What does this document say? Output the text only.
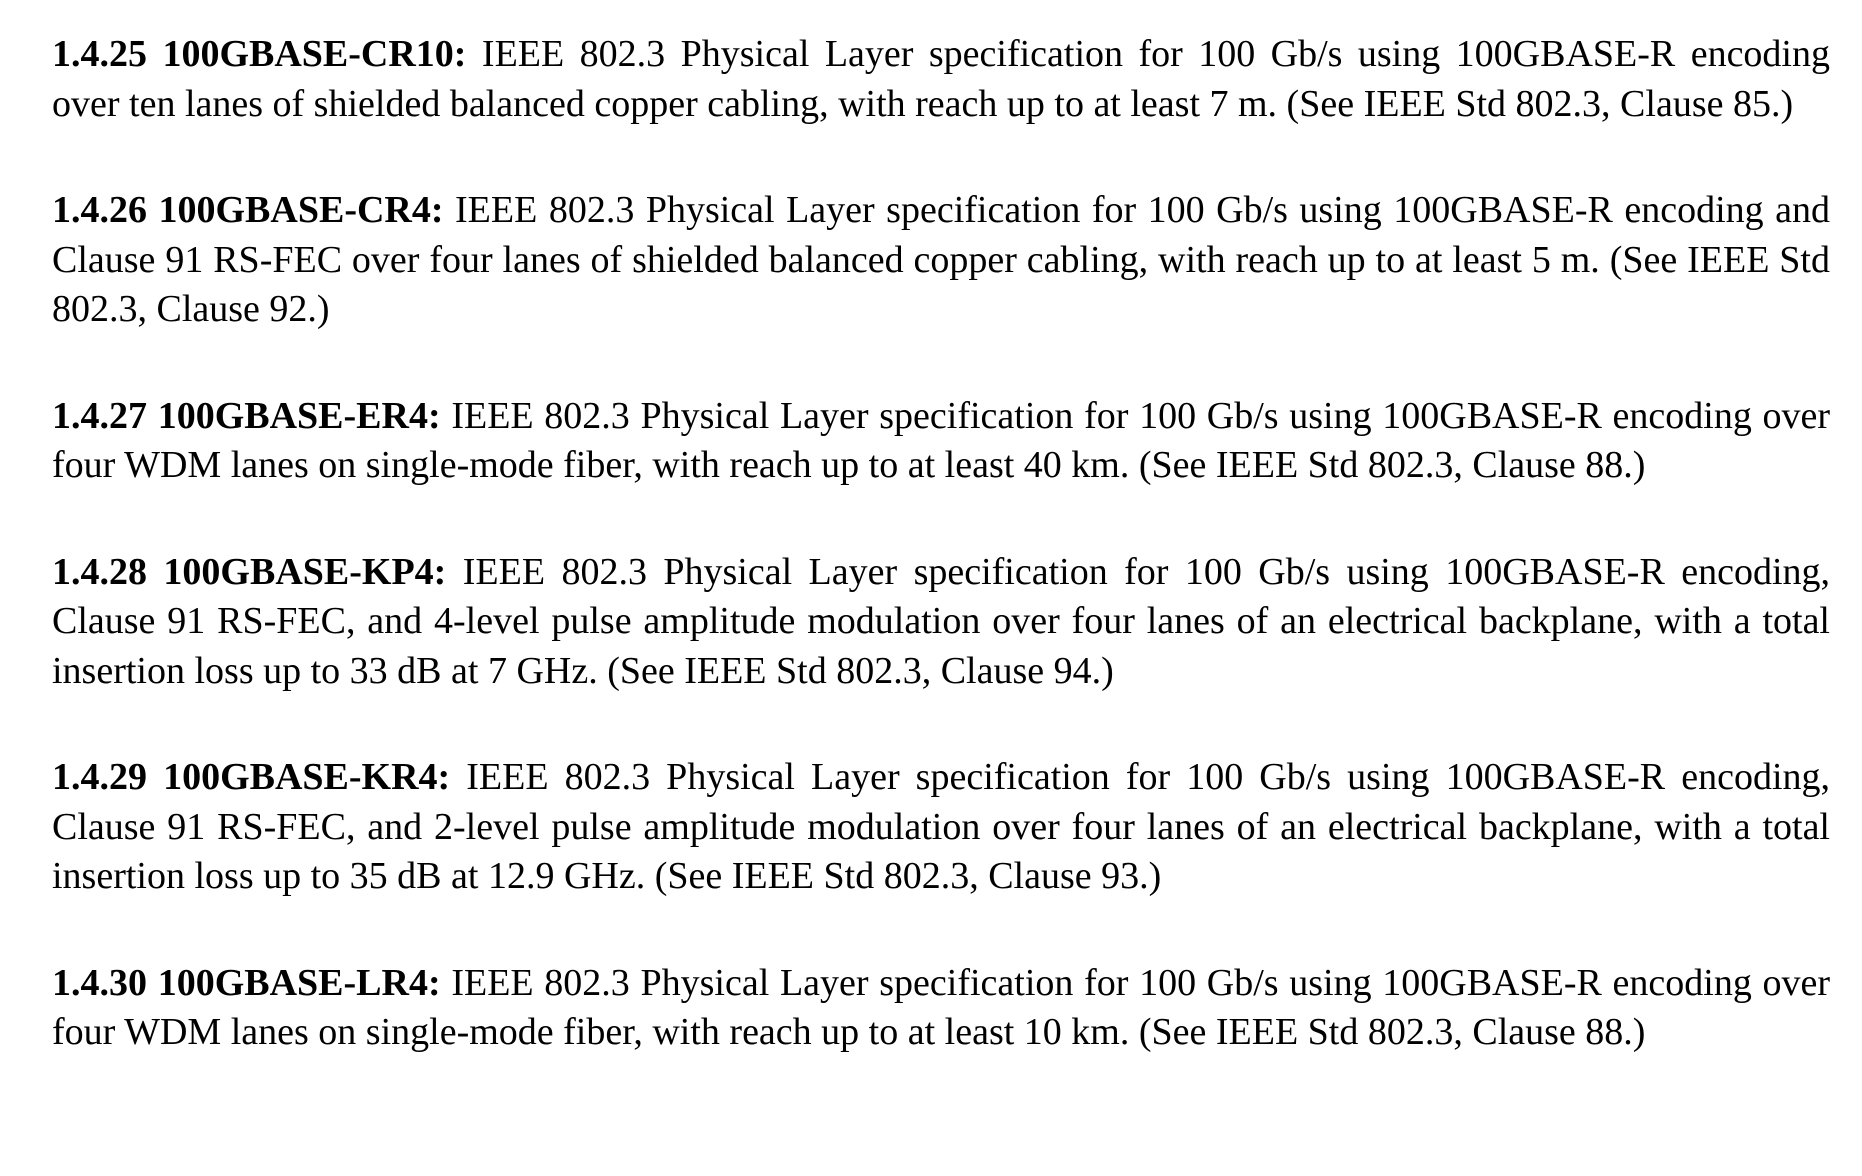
1.4.25 100GBASE-CR10: IEEE 802.3 Physical Layer specification for 100 Gb/s using 100GBASE-R encoding over ten lanes of shielded balanced copper cabling, with reach up to at least 7 m. (See IEEE Std 802.3, Clause 85.)

1.4.26 100GBASE-CR4: IEEE 802.3 Physical Layer specification for 100 Gb/s using 100GBASE-R encoding and Clause 91 RS-FEC over four lanes of shielded balanced copper cabling, with reach up to at least 5 m. (See IEEE Std 802.3, Clause 92.)

1.4.27 100GBASE-ER4: IEEE 802.3 Physical Layer specification for 100 Gb/s using 100GBASE-R encoding over four WDM lanes on single-mode fiber, with reach up to at least 40 km. (See IEEE Std 802.3, Clause 88.)

1.4.28 100GBASE-KP4: IEEE 802.3 Physical Layer specification for 100 Gb/s using 100GBASE-R encoding, Clause 91 RS-FEC, and 4-level pulse amplitude modulation over four lanes of an electrical backplane, with a total insertion loss up to 33 dB at 7 GHz. (See IEEE Std 802.3, Clause 94.)

1.4.29 100GBASE-KR4: IEEE 802.3 Physical Layer specification for 100 Gb/s using 100GBASE-R encoding, Clause 91 RS-FEC, and 2-level pulse amplitude modulation over four lanes of an electrical backplane, with a total insertion loss up to 35 dB at 12.9 GHz. (See IEEE Std 802.3, Clause 93.)

1.4.30 100GBASE-LR4: IEEE 802.3 Physical Layer specification for 100 Gb/s using 100GBASE-R encoding over four WDM lanes on single-mode fiber, with reach up to at least 10 km. (See IEEE Std 802.3, Clause 88.)
